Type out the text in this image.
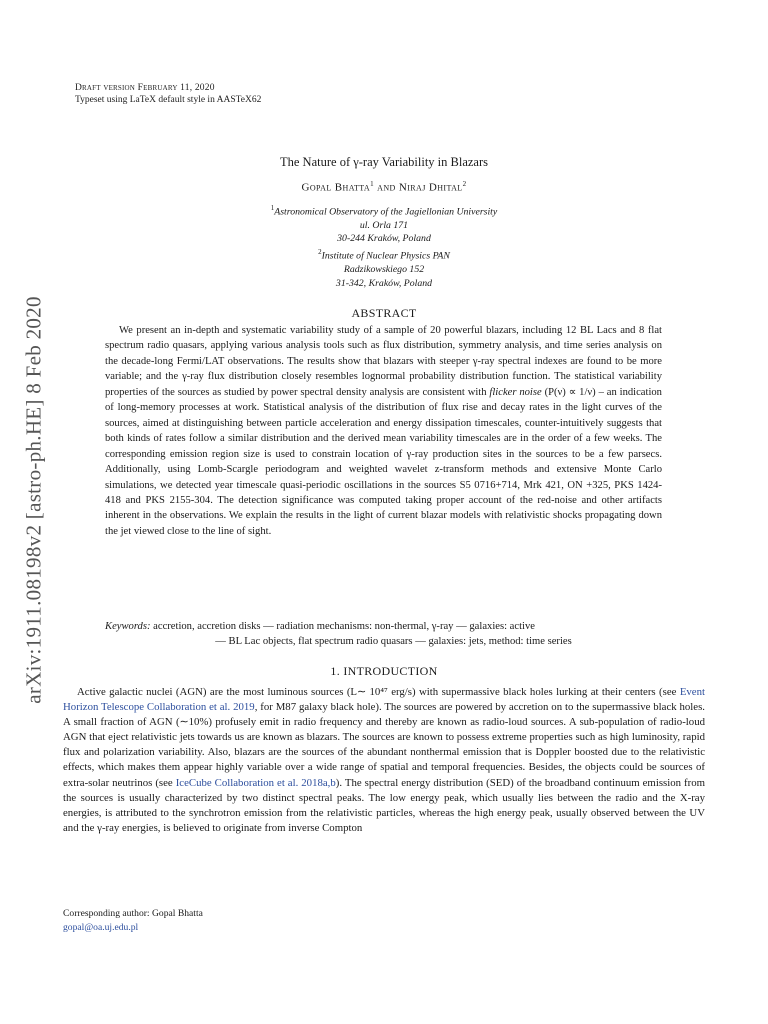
arXiv:1911.08198v2 [astro-ph.HE] 8 Feb 2020
Draft version February 11, 2020
Typeset using LaTeX default style in AASTeX62
The Nature of γ-ray Variability in Blazars
Gopal Bhatta$^1$ and Niraj Dhital$^2$
$^1$Astronomical Observatory of the Jagiellonian University
ul. Orla 171
30-244 Kraków, Poland
$^2$Institute of Nuclear Physics PAN
Radzikowskiego 152
31-342, Kraków, Poland
ABSTRACT

We present an in-depth and systematic variability study of a sample of 20 powerful blazars, including 12 BL Lacs and 8 flat spectrum radio quasars, applying various analysis tools such as flux distribution, symmetry analysis, and time series analysis on the decade-long Fermi/LAT observations. The results show that blazars with steeper γ-ray spectral indexes are found to be more variable; and the γ-ray flux distribution closely resembles lognormal probability distribution function. The statistical variability properties of the sources as studied by power spectral density analysis are consistent with flicker noise (P(ν) ∝ 1/ν) – an indication of long-memory processes at work. Statistical analysis of the distribution of flux rise and decay rates in the light curves of the sources, aimed at distinguishing between particle acceleration and energy dissipation timescales, counter-intuitively suggests that both kinds of rates follow a similar distribution and the derived mean variability timescales are in the order of a few weeks. The corresponding emission region size is used to constrain location of γ-ray production sites in the sources to be a few parsecs. Additionally, using Lomb-Scargle periodogram and weighted wavelet z-transform methods and extensive Monte Carlo simulations, we detected year timescale quasi-periodic oscillations in the sources S5 0716+714, Mrk 421, ON +325, PKS 1424-418 and PKS 2155-304. The detection significance was computed taking proper account of the red-noise and other artifacts inherent in the observations. We explain the results in the light of current blazar models with relativistic shocks propagating down the jet viewed close to the line of sight.

Keywords: accretion, accretion disks — radiation mechanisms: non-thermal, γ-ray — galaxies: active
— BL Lac objects, flat spectrum radio quasars — galaxies: jets, method: time series
1. INTRODUCTION

Active galactic nuclei (AGN) are the most luminous sources (L∼ 10⁴⁷ erg/s) with supermassive black holes lurking at their centers (see Event Horizon Telescope Collaboration et al. 2019, for M87 galaxy black hole). The sources are powered by accretion on to the supermassive black holes. A small fraction of AGN (∼10%) profusely emit in radio frequency and thereby are known as radio-loud sources. A sub-population of radio-loud AGN that eject relativistic jets towards us are known as blazars. The sources are known to possess extreme properties such as high luminosity, rapid flux and polarization variability. Also, blazars are the sources of the abundant nonthermal emission that is Doppler boosted due to the relativistic effects, which makes them appear highly variable over a wide range of spatial and temporal frequencies. Besides, the objects could be sources of extra-solar neutrinos (see IceCube Collaboration et al. 2018a,b). The spectral energy distribution (SED) of the broadband continuum emission from the sources is usually characterized by two distinct spectral peaks. The low energy peak, which usually lies between the radio and the X-ray energies, is attributed to the synchrotron emission from the relativistic particles, whereas the high energy peak, usually observed between the UV and the γ-ray energies, is believed to originate from inverse Compton

Corresponding author: Gopal Bhatta
gopal@oa.uj.edu.pl
